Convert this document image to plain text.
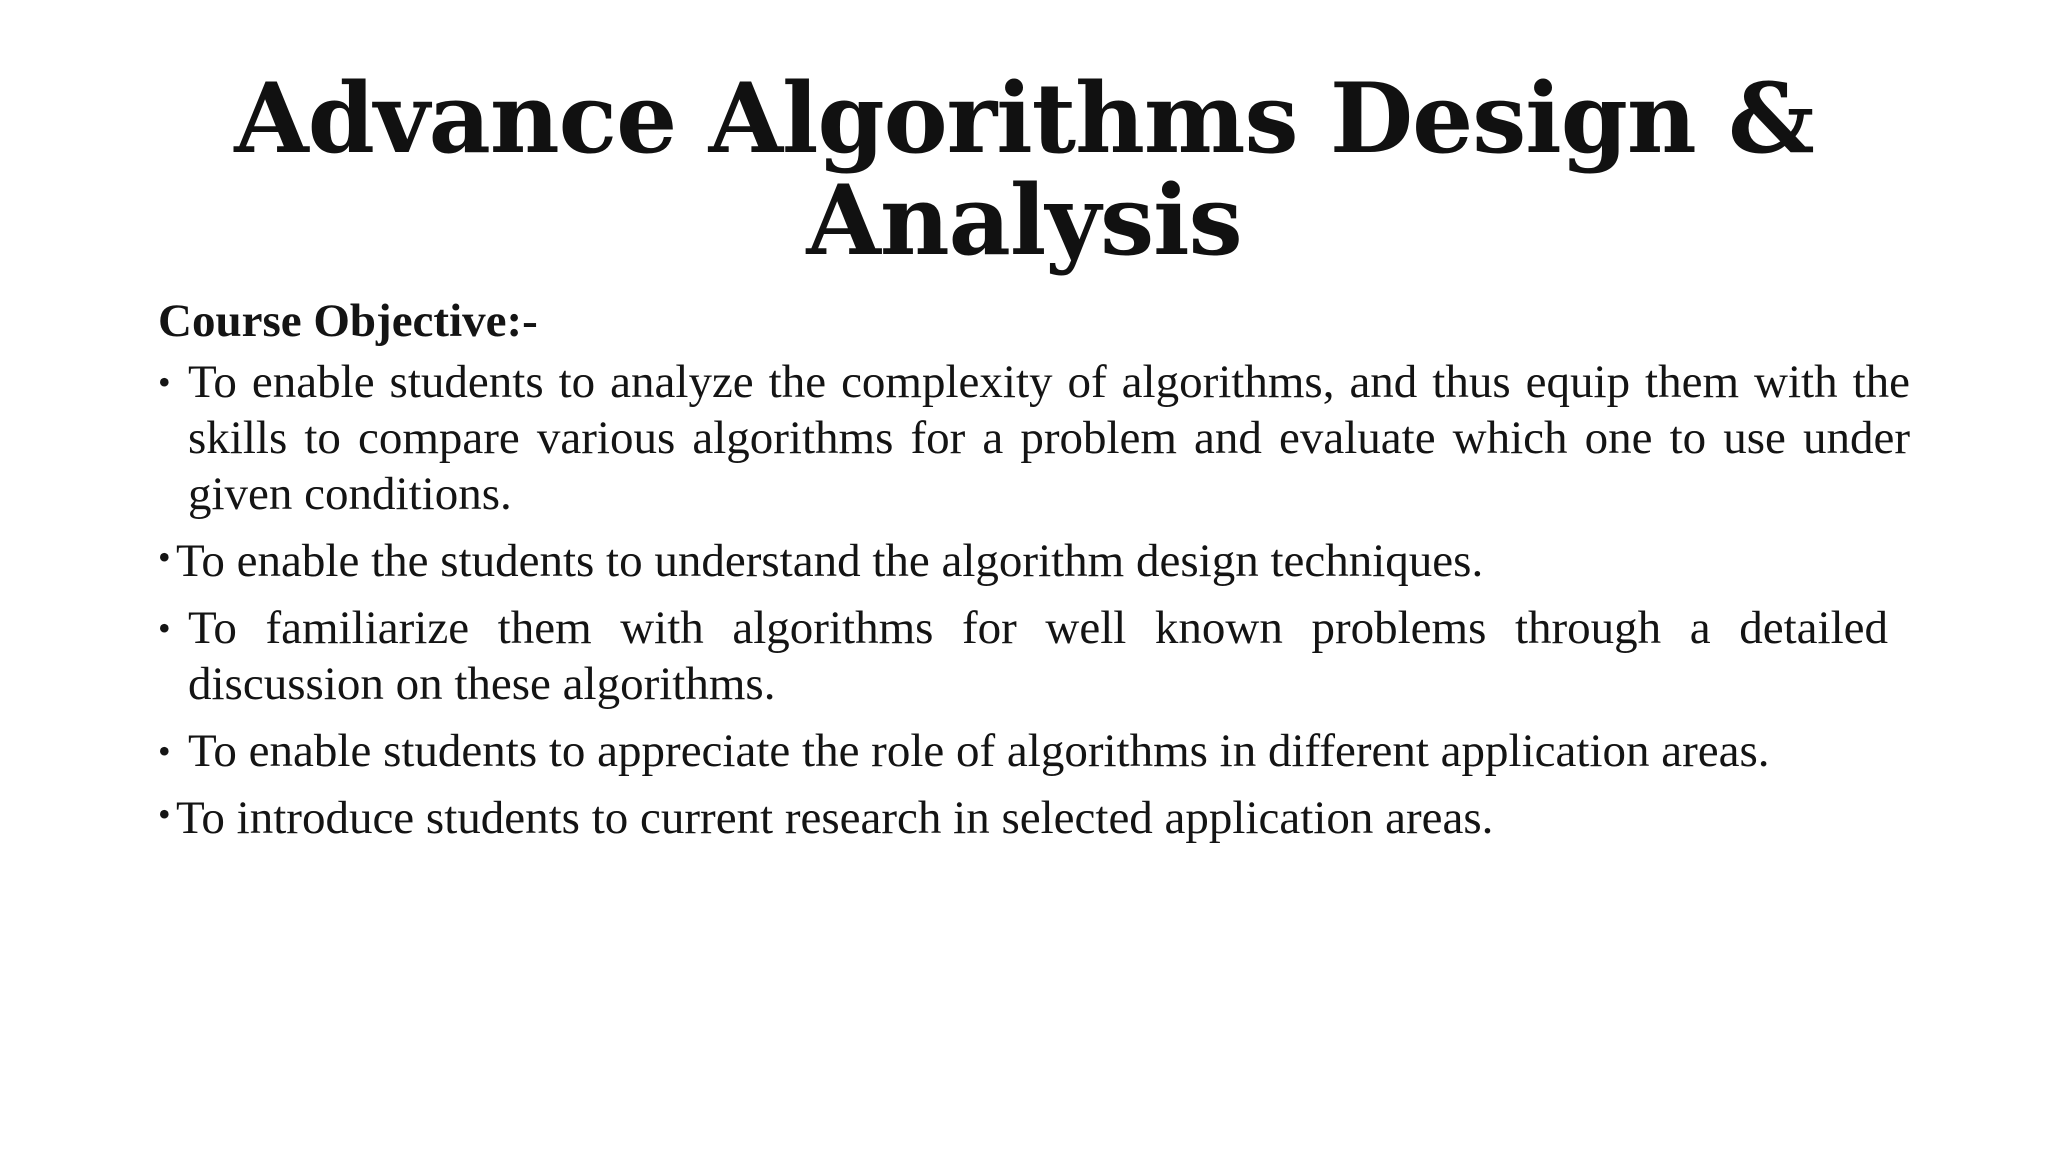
Advance Algorithms Design & Analysis
Course Objective:-
• To enable students to analyze the complexity of algorithms, and thus equip them with the skills to compare various algorithms for a problem and evaluate which one to use under given conditions.
• To enable the students to understand the algorithm design techniques.
• To familiarize them with algorithms for well known problems through a detailed discussion on these algorithms.
• To enable students to appreciate the role of algorithms in different application areas.
• To introduce students to current research in selected application areas.
